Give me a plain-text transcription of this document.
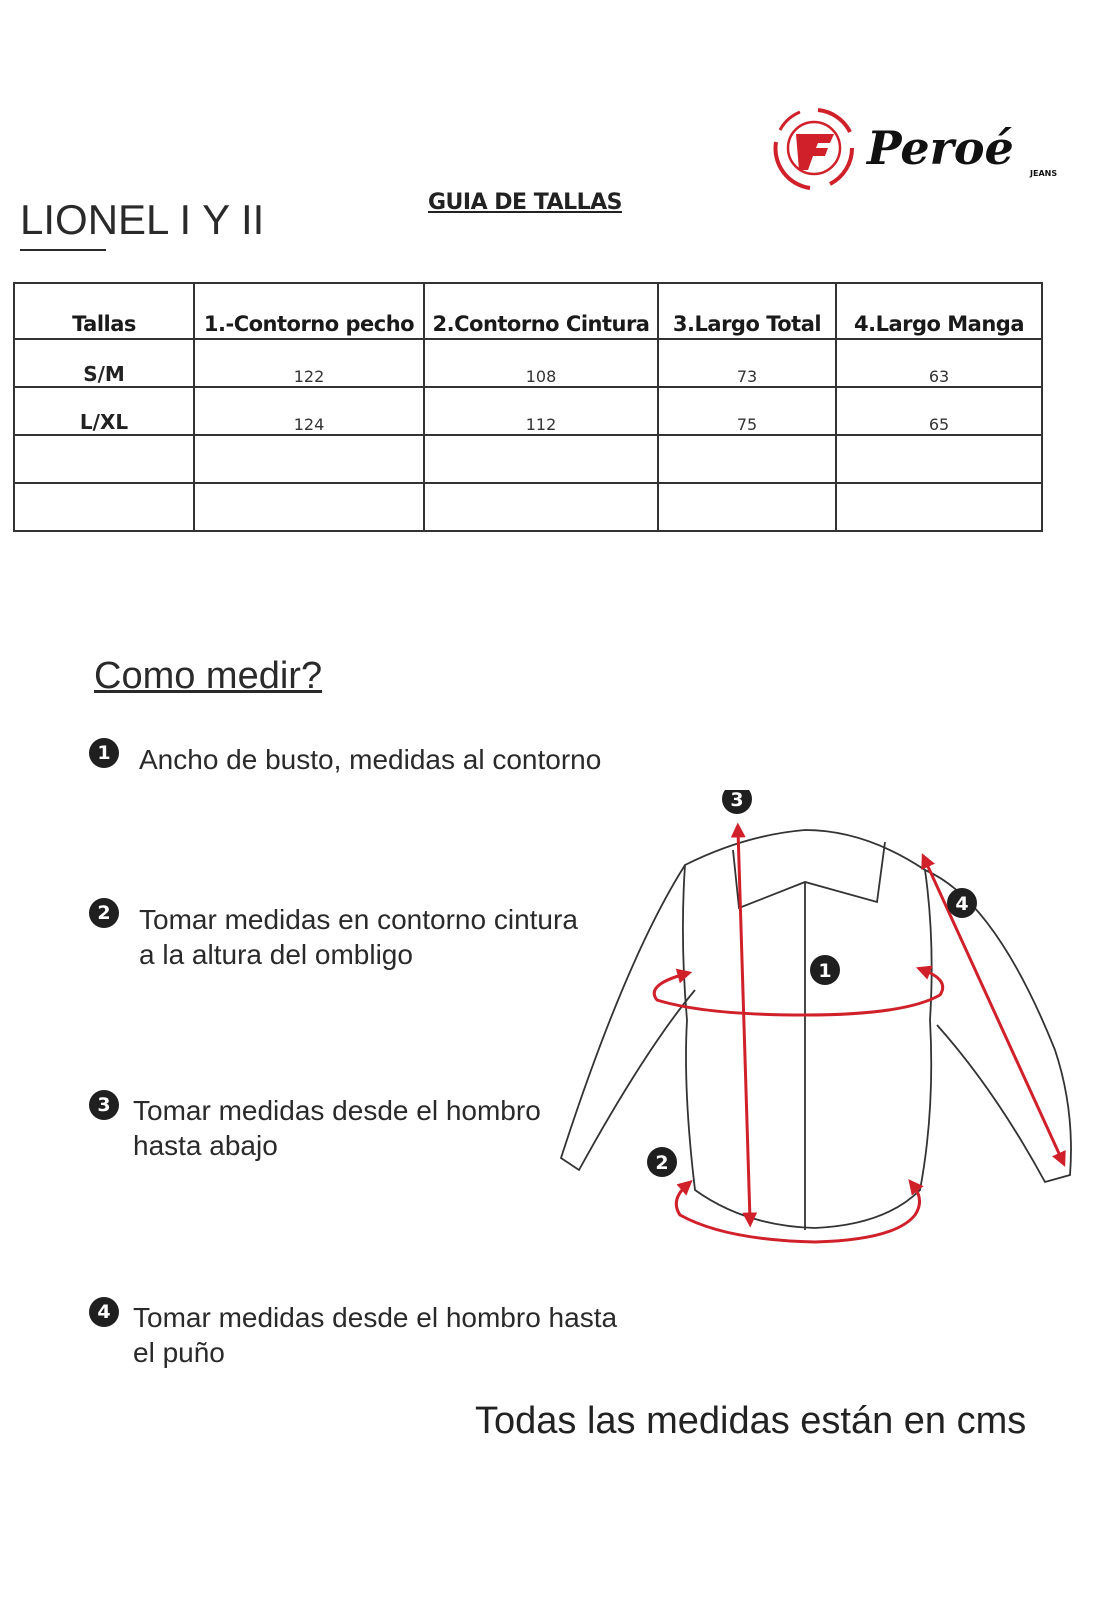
Peroé JEANS
LIONEL I Y II	GUIA DE TALLAS
Tallas	1.-Contorno pecho	2.Contorno Cintura	3.Largo Total	4.Largo Manga
S/M	122	108	73	63
L/XL	124	112	75	65

Como medir?
1 Ancho de busto, medidas al contorno
2 Tomar medidas en contorno cintura
a la altura del ombligo
3 Tomar medidas desde el hombro
hasta abajo
4 Tomar medidas desde el hombro hasta
el puño
1
2
3
4
Todas las medidas están en cms
